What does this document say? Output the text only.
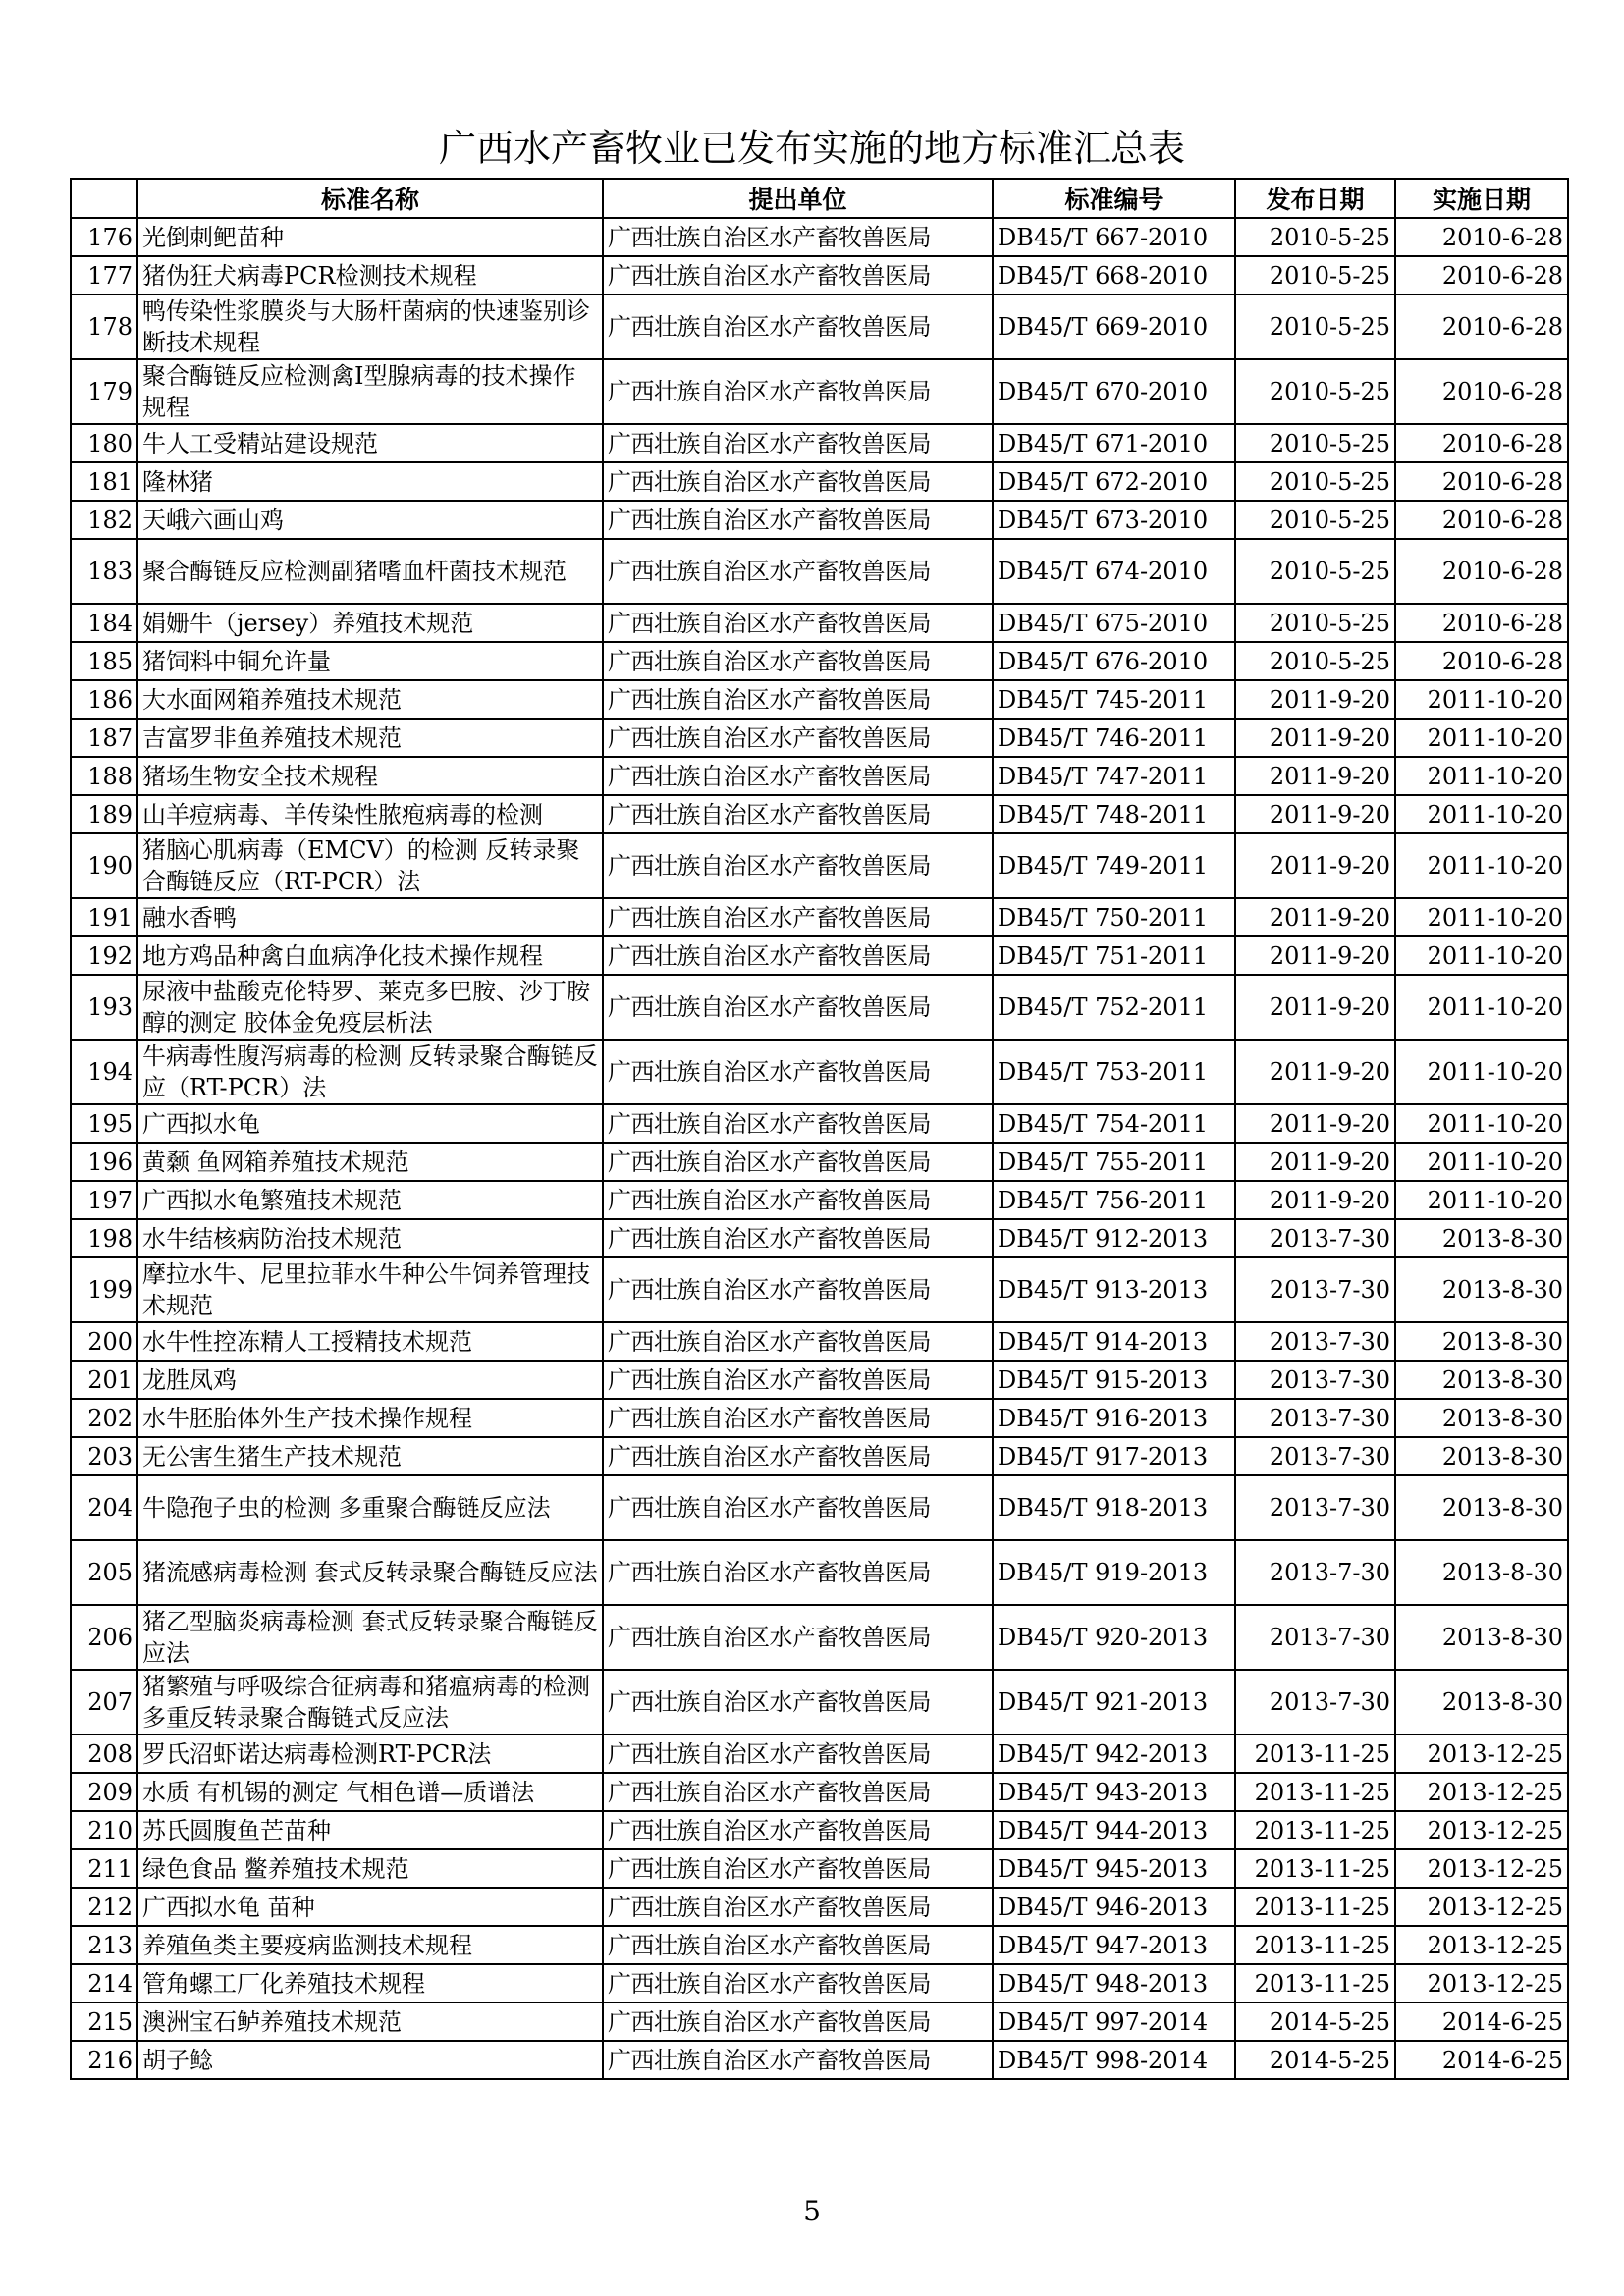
广西水产畜牧业已发布实施的地方标准汇总表
	标准名称	提出单位	标准编号	发布日期	实施日期
176	光倒刺鲃苗种	广西壮族自治区水产畜牧兽医局	DB45/T 667-2010	2010-5-25	2010-6-28
177	猪伪狂犬病毒PCR检测技术规程	广西壮族自治区水产畜牧兽医局	DB45/T 668-2010	2010-5-25	2010-6-28
178	鸭传染性浆膜炎与大肠杆菌病的快速鉴别诊断技术规程	广西壮族自治区水产畜牧兽医局	DB45/T 669-2010	2010-5-25	2010-6-28
179	聚合酶链反应检测禽I型腺病毒的技术操作规程	广西壮族自治区水产畜牧兽医局	DB45/T 670-2010	2010-5-25	2010-6-28
180	牛人工受精站建设规范	广西壮族自治区水产畜牧兽医局	DB45/T 671-2010	2010-5-25	2010-6-28
181	隆林猪	广西壮族自治区水产畜牧兽医局	DB45/T 672-2010	2010-5-25	2010-6-28
182	天峨六画山鸡	广西壮族自治区水产畜牧兽医局	DB45/T 673-2010	2010-5-25	2010-6-28
183	聚合酶链反应检测副猪嗜血杆菌技术规范	广西壮族自治区水产畜牧兽医局	DB45/T 674-2010	2010-5-25	2010-6-28
184	娟姗牛（jersey）养殖技术规范	广西壮族自治区水产畜牧兽医局	DB45/T 675-2010	2010-5-25	2010-6-28
185	猪饲料中铜允许量	广西壮族自治区水产畜牧兽医局	DB45/T 676-2010	2010-5-25	2010-6-28
186	大水面网箱养殖技术规范	广西壮族自治区水产畜牧兽医局	DB45/T 745-2011	2011-9-20	2011-10-20
187	吉富罗非鱼养殖技术规范	广西壮族自治区水产畜牧兽医局	DB45/T 746-2011	2011-9-20	2011-10-20
188	猪场生物安全技术规程	广西壮族自治区水产畜牧兽医局	DB45/T 747-2011	2011-9-20	2011-10-20
189	山羊痘病毒、羊传染性脓疱病毒的检测	广西壮族自治区水产畜牧兽医局	DB45/T 748-2011	2011-9-20	2011-10-20
190	猪脑心肌病毒（EMCV）的检测 反转录聚合酶链反应（RT-PCR）法	广西壮族自治区水产畜牧兽医局	DB45/T 749-2011	2011-9-20	2011-10-20
191	融水香鸭	广西壮族自治区水产畜牧兽医局	DB45/T 750-2011	2011-9-20	2011-10-20
192	地方鸡品种禽白血病净化技术操作规程	广西壮族自治区水产畜牧兽医局	DB45/T 751-2011	2011-9-20	2011-10-20
193	尿液中盐酸克伦特罗、莱克多巴胺、沙丁胺醇的测定 胶体金免疫层析法	广西壮族自治区水产畜牧兽医局	DB45/T 752-2011	2011-9-20	2011-10-20
194	牛病毒性腹泻病毒的检测 反转录聚合酶链反应（RT-PCR）法	广西壮族自治区水产畜牧兽医局	DB45/T 753-2011	2011-9-20	2011-10-20
195	广西拟水龟	广西壮族自治区水产畜牧兽医局	DB45/T 754-2011	2011-9-20	2011-10-20
196	黄颡 鱼网箱养殖技术规范	广西壮族自治区水产畜牧兽医局	DB45/T 755-2011	2011-9-20	2011-10-20
197	广西拟水龟繁殖技术规范	广西壮族自治区水产畜牧兽医局	DB45/T 756-2011	2011-9-20	2011-10-20
198	水牛结核病防治技术规范	广西壮族自治区水产畜牧兽医局	DB45/T 912-2013	2013-7-30	2013-8-30
199	摩拉水牛、尼里拉菲水牛种公牛饲养管理技术规范	广西壮族自治区水产畜牧兽医局	DB45/T 913-2013	2013-7-30	2013-8-30
200	水牛性控冻精人工授精技术规范	广西壮族自治区水产畜牧兽医局	DB45/T 914-2013	2013-7-30	2013-8-30
201	龙胜凤鸡	广西壮族自治区水产畜牧兽医局	DB45/T 915-2013	2013-7-30	2013-8-30
202	水牛胚胎体外生产技术操作规程	广西壮族自治区水产畜牧兽医局	DB45/T 916-2013	2013-7-30	2013-8-30
203	无公害生猪生产技术规范	广西壮族自治区水产畜牧兽医局	DB45/T 917-2013	2013-7-30	2013-8-30
204	牛隐孢子虫的检测 多重聚合酶链反应法	广西壮族自治区水产畜牧兽医局	DB45/T 918-2013	2013-7-30	2013-8-30
205	猪流感病毒检测 套式反转录聚合酶链反应法	广西壮族自治区水产畜牧兽医局	DB45/T 919-2013	2013-7-30	2013-8-30
206	猪乙型脑炎病毒检测 套式反转录聚合酶链反应法	广西壮族自治区水产畜牧兽医局	DB45/T 920-2013	2013-7-30	2013-8-30
207	猪繁殖与呼吸综合征病毒和猪瘟病毒的检测 多重反转录聚合酶链式反应法	广西壮族自治区水产畜牧兽医局	DB45/T 921-2013	2013-7-30	2013-8-30
208	罗氏沼虾诺达病毒检测RT-PCR法	广西壮族自治区水产畜牧兽医局	DB45/T 942-2013	2013-11-25	2013-12-25
209	水质 有机锡的测定 气相色谱—质谱法	广西壮族自治区水产畜牧兽医局	DB45/T 943-2013	2013-11-25	2013-12-25
210	苏氏圆腹鱼芒苗种	广西壮族自治区水产畜牧兽医局	DB45/T 944-2013	2013-11-25	2013-12-25
211	绿色食品 鳖养殖技术规范	广西壮族自治区水产畜牧兽医局	DB45/T 945-2013	2013-11-25	2013-12-25
212	广西拟水龟 苗种	广西壮族自治区水产畜牧兽医局	DB45/T 946-2013	2013-11-25	2013-12-25
213	养殖鱼类主要疫病监测技术规程	广西壮族自治区水产畜牧兽医局	DB45/T 947-2013	2013-11-25	2013-12-25
214	管角螺工厂化养殖技术规程	广西壮族自治区水产畜牧兽医局	DB45/T 948-2013	2013-11-25	2013-12-25
215	澳洲宝石鲈养殖技术规范	广西壮族自治区水产畜牧兽医局	DB45/T 997-2014	2014-5-25	2014-6-25
216	胡子鲶	广西壮族自治区水产畜牧兽医局	DB45/T 998-2014	2014-5-25	2014-6-25
5
